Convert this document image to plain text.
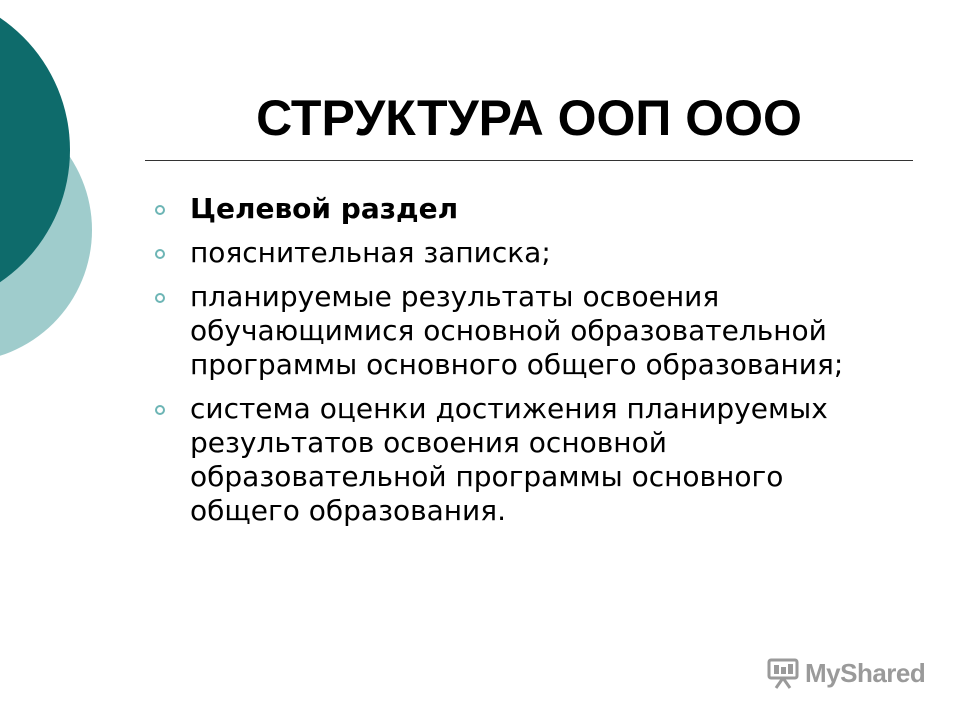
СТРУКТУРА ООП ООО
Целевой раздел
пояснительная записка;
планируемые результаты освоения обучающимися основной образовательной программы основного общего образования;
система оценки достижения планируемых результатов освоения основной образовательной программы основного общего образования.
MyShared
